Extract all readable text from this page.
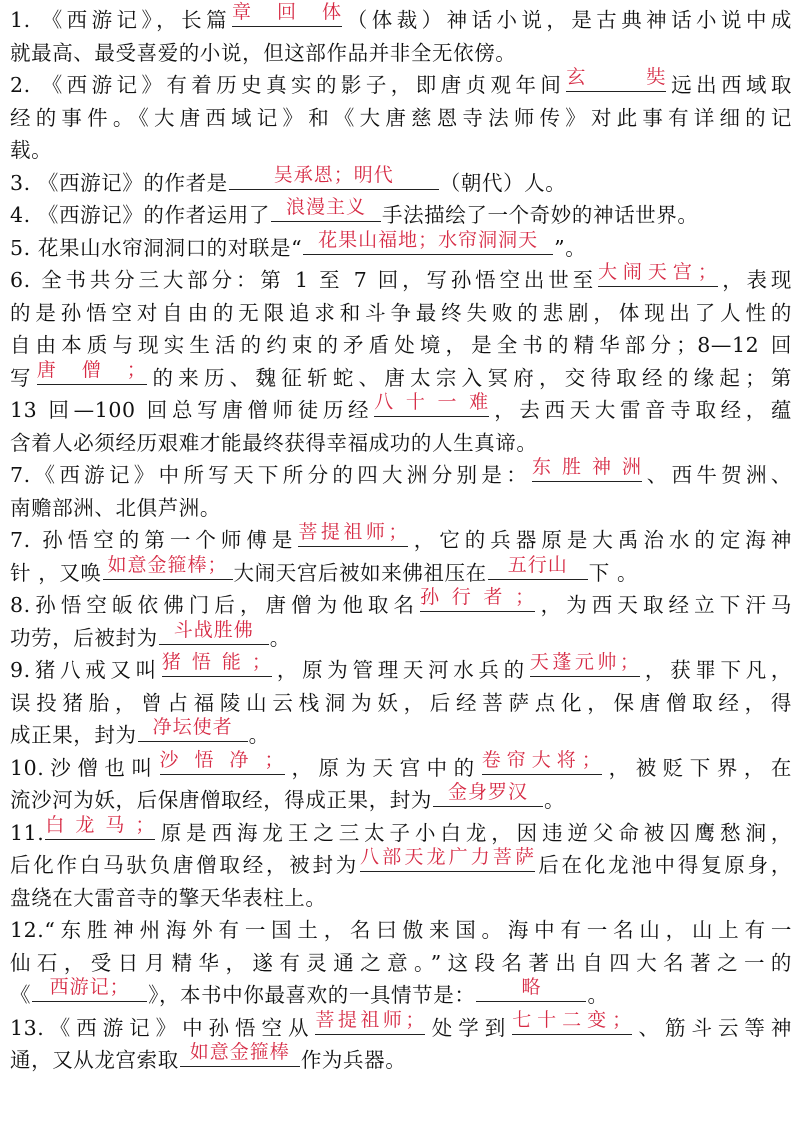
1. 《西游记》，长篇 章回体 （体裁）神话小说，是古典神话小说中成
就最高、最受喜爱的小说，但这部作品并非全无依傍。
2. 《西游记》有着历史真实的影子，即唐贞观年间 玄奘 远出西域取
经的事件。《大唐西域记》和《大唐慈恩寺法师传》对此事有详细的记
载。
3. 《西游记》的作者是	吴承恩；明代	（朝代）人。
4. 《西游记》的作者运用了 浪漫主义 手法描绘了一个奇妙的神话世界。
5. 花果山水帘洞洞口的对联是“ 花果山福地；水帘洞洞天 ”。
6. 全书共分三大部分：第 1 至 7 回，写孙悟空出世至 大闹天宫； ，表现
的是孙悟空对自由的无限追求和斗争最终失败的悲剧，体现出了人性的
自由本质与现实生活的约束的矛盾处境，是全书的精华部分；8—12 回
写 唐僧； 的来历、魏征斩蛇、唐太宗入冥府，交待取经的缘起；第
13 回—100 回总写唐僧师徒历经 八十一难 ，去西天大雷音寺取经，蕴
含着人必须经历艰难才能最终获得幸福成功的人生真谛。
7.《西游记》中所写天下所分的四大洲分别是： 东胜神洲 、西牛贺洲、
南赡部洲、北俱芦洲。
7. 孙悟空的第一个师傅是 菩提祖师； ，它的兵器原是大禹治水的定海神
针 ，又唤 如意金箍棒； 大闹天宫后被如来佛祖压在	五行山	下 。
8.孙悟空皈依佛门后，唐僧为他取名 孙行者； ，为西天取经立下汗马
功劳，后被封为 斗战胜佛 。
9.猪八戒又叫 猪悟能； ，原为管理天河水兵的 天蓬元帅； ，获罪下凡，
误投猪胎，曾占福陵山云栈洞为妖，后经菩萨点化，保唐僧取经，得
成正果，封为 净坛使者 。
10.沙僧也叫 沙悟净； ，原为天宫中的 卷帘大将； ，被贬下界，在
流沙河为妖，后保唐僧取经，得成正果，封为 金身罗汉 。
11. 白龙马； 原是西海龙王之三太子小白龙，因违逆父命被囚鹰愁涧，
后化作白马驮负唐僧取经，被封为 八部天龙广力菩萨 后在化龙池中得复原身，
盘绕在大雷音寺的擎天华表柱上。
12.“东胜神州海外有一国土，名曰傲来国。海中有一名山，山上有一
仙石，受日月精华，遂有灵通之意。”这段名著出自四大名著之一的
《 西游记； 》，本书中你最喜欢的一具情节是：	略	。
13.《西游记》中孙悟空从 菩提祖师； 处学到 七十二变； 、筋斗云等神
通，又从龙宫索取 如意金箍棒 作为兵器。
